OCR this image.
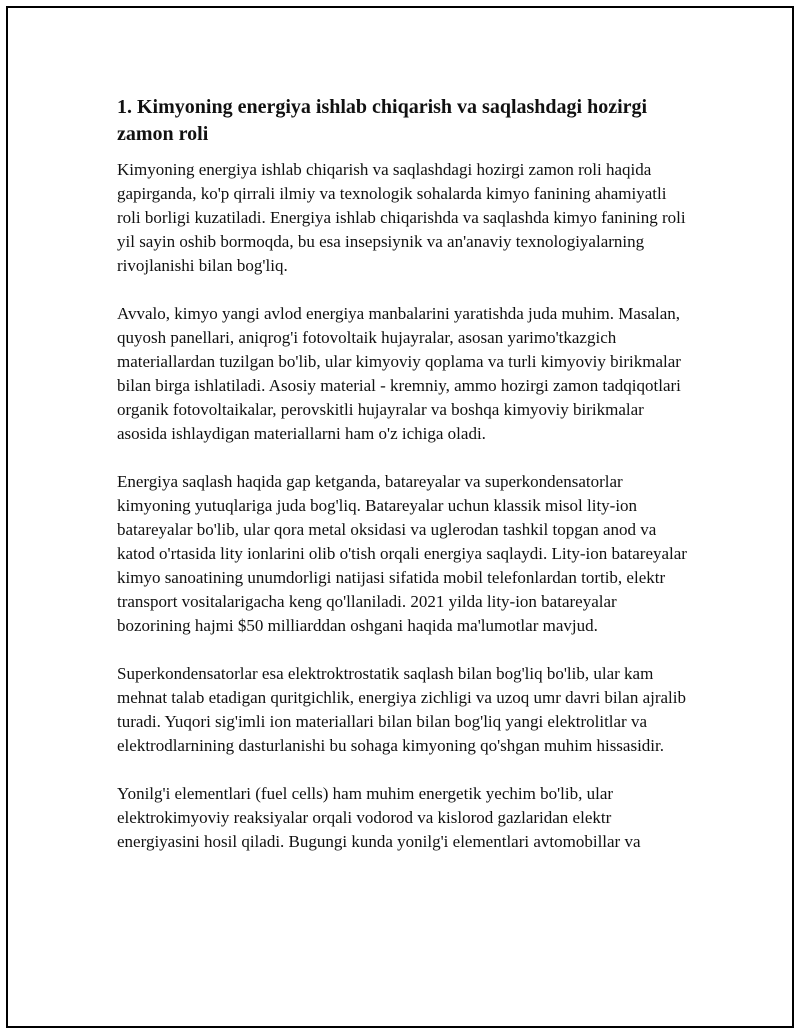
1. Kimyoning energiya ishlab chiqarish va saqlashdagi hozirgi zamon roli

Kimyoning energiya ishlab chiqarish va saqlashdagi hozirgi zamon roli haqida gapirganda, ko'p qirrali ilmiy va texnologik sohalarda kimyo fanining ahamiyatli roli borligi kuzatiladi. Energiya ishlab chiqarishda va saqlashda kimyo fanining roli yil sayin oshib bormoqda, bu esa insepsiynik va an'anaviy texnologiyalarning rivojlanishi bilan bog'liq.

Avvalo, kimyo yangi avlod energiya manbalarini yaratishda juda muhim. Masalan, quyosh panellari, aniqrog'i fotovoltaik hujayralar, asosan yarimo'tkazgich materiallardan tuzilgan bo'lib, ular kimyoviy qoplama va turli kimyoviy birikmalar bilan birga ishlatiladi. Asosiy material - kremniy, ammo hozirgi zamon tadqiqotlari organik fotovoltaikalar, perovskitli hujayralar va boshqa kimyoviy birikmalar asosida ishlaydigan materiallarni ham o'z ichiga oladi.

Energiya saqlash haqida gap ketganda, batareyalar va superkondensatorlar kimyoning yutuqlariga juda bog'liq. Batareyalar uchun klassik misol lity-ion batareyalar bo'lib, ular qora metal oksidasi va uglerodan tashkil topgan anod va katod o'rtasida lity ionlarini olib o'tish orqali energiya saqlaydi. Lity-ion batareyalar kimyo sanoatining unumdorligi natijasi sifatida mobil telefonlardan tortib, elektr transport vositalarigacha keng qo'llaniladi. 2021 yilda lity-ion batareyalar bozorining hajmi $50 milliarddan oshgani haqida ma'lumotlar mavjud.

Superkondensatorlar esa elektroktrostatik saqlash bilan bog'liq bo'lib, ular kam mehnat talab etadigan quritgichlik, energiya zichligi va uzoq umr davri bilan ajralib turadi. Yuqori sig'imli ion materiallari bilan bilan bog'liq yangi elektrolitlar va elektrodlarnining dasturlanishi bu sohaga kimyoning qo'shgan muhim hissasidir.

Yonilg'i elementlari (fuel cells) ham muhim energetik yechim bo'lib, ular elektrokimyoviy reaksiyalar orqali vodorod va kislorod gazlaridan elektr energiyasini hosil qiladi. Bugungi kunda yonilg'i elementlari avtomobillar va
